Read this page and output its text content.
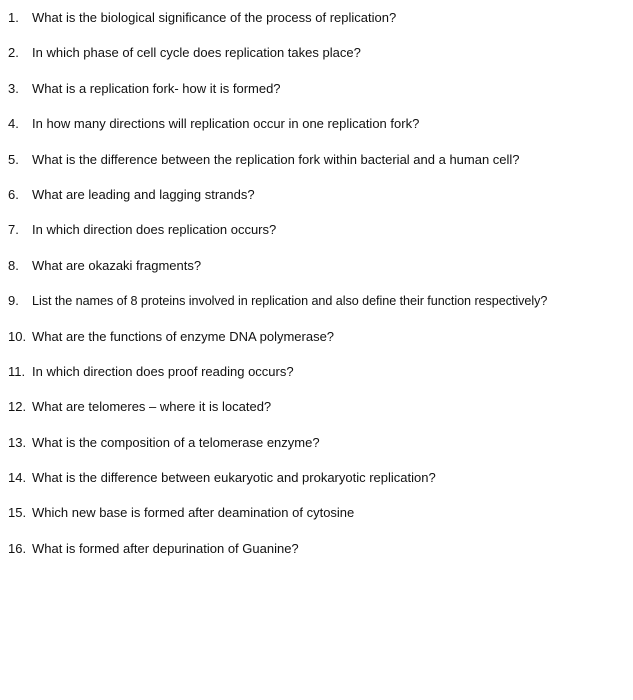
1. What is the biological significance of the process of replication?
2. In which phase of cell cycle does replication takes place?
3. What is a replication fork- how it is formed?
4. In how many directions will replication occur in one replication fork?
5. What is the difference between the replication fork within bacterial and a human cell?
6. What are leading and lagging strands?
7. In which direction does replication occurs?
8. What are okazaki fragments?
9. List the names of 8 proteins involved in replication and also define their function respectively?
10. What are the functions of enzyme DNA polymerase?
11. In which direction does proof reading occurs?
12. What are telomeres – where it is located?
13. What is the composition of a telomerase enzyme?
14. What is the difference between eukaryotic and prokaryotic replication?
15. Which new base is formed after deamination of cytosine
16. What is formed after depurination of Guanine?
